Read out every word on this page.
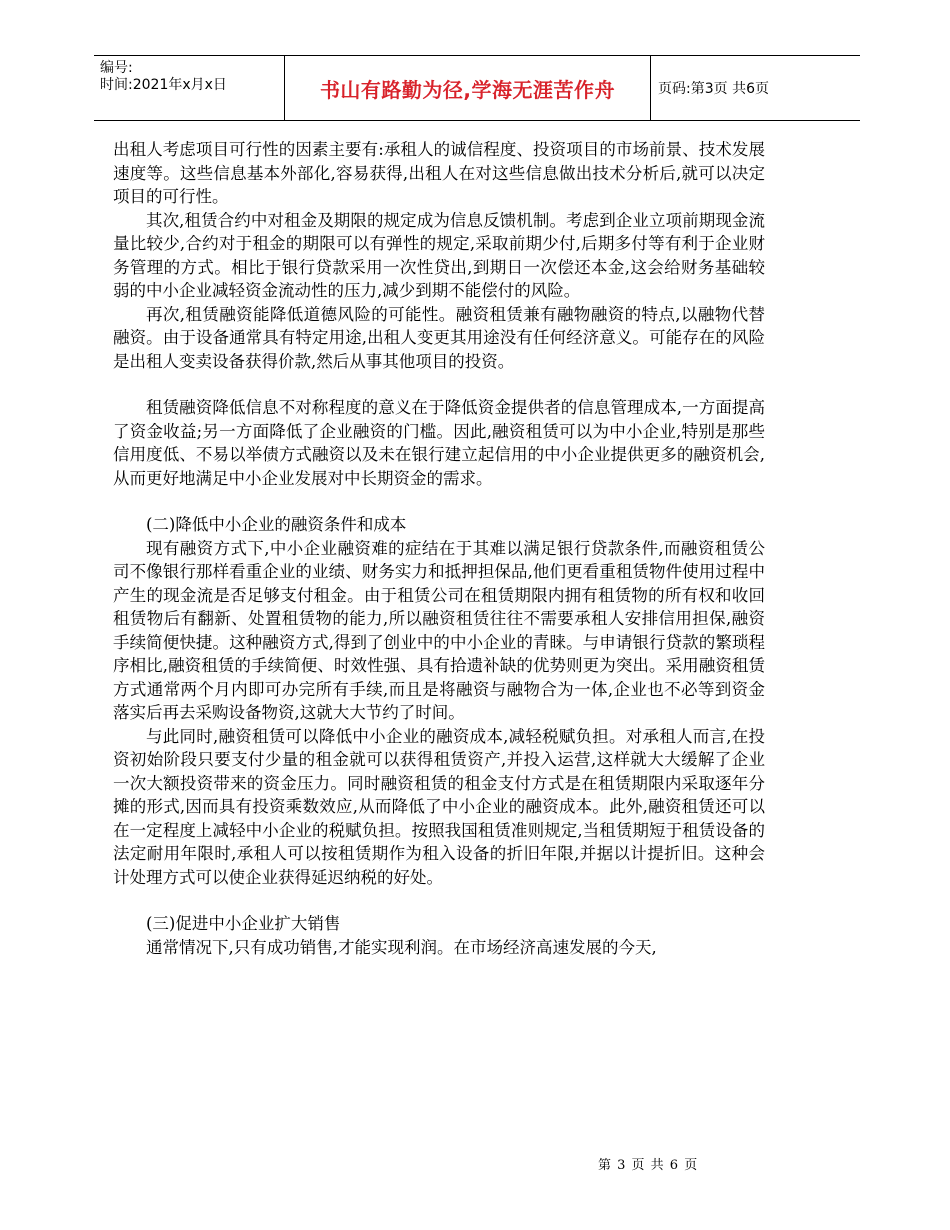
编号:
时间:2021年x月x日	书山有路勤为径,学海无涯苦作舟	页码:第3页 共6页

出租人考虑项目可行性的因素主要有:承租人的诚信程度、投资项目的市场前景、技术发展速度等。这些信息基本外部化,容易获得,出租人在对这些信息做出技术分析后,就可以决定项目的可行性。

其次,租赁合约中对租金及期限的规定成为信息反馈机制。考虑到企业立项前期现金流量比较少,合约对于租金的期限可以有弹性的规定,采取前期少付,后期多付等有利于企业财务管理的方式。相比于银行贷款采用一次性贷出,到期日一次偿还本金,这会给财务基础较弱的中小企业减轻资金流动性的压力,减少到期不能偿付的风险。

再次,租赁融资能降低道德风险的可能性。融资租赁兼有融物融资的特点,以融物代替融资。由于设备通常具有特定用途,出租人变更其用途没有任何经济意义。可能存在的风险是出租人变卖设备获得价款,然后从事其他项目的投资。

租赁融资降低信息不对称程度的意义在于降低资金提供者的信息管理成本,一方面提高了资金收益;另一方面降低了企业融资的门槛。因此,融资租赁可以为中小企业,特别是那些信用度低、不易以举债方式融资以及未在银行建立起信用的中小企业提供更多的融资机会,从而更好地满足中小企业发展对中长期资金的需求。

(二)降低中小企业的融资条件和成本

现有融资方式下,中小企业融资难的症结在于其难以满足银行贷款条件,而融资租赁公司不像银行那样看重企业的业绩、财务实力和抵押担保品,他们更看重租赁物件使用过程中产生的现金流是否足够支付租金。由于租赁公司在租赁期限内拥有租赁物的所有权和收回租赁物后有翻新、处置租赁物的能力,所以融资租赁往往不需要承租人安排信用担保,融资手续简便快捷。这种融资方式,得到了创业中的中小企业的青睐。与申请银行贷款的繁琐程序相比,融资租赁的手续简便、时效性强、具有拾遗补缺的优势则更为突出。采用融资租赁方式通常两个月内即可办完所有手续,而且是将融资与融物合为一体,企业也不必等到资金落实后再去采购设备物资,这就大大节约了时间。

与此同时,融资租赁可以降低中小企业的融资成本,减轻税赋负担。对承租人而言,在投资初始阶段只要支付少量的租金就可以获得租赁资产,并投入运营,这样就大大缓解了企业一次大额投资带来的资金压力。同时融资租赁的租金支付方式是在租赁期限内采取逐年分摊的形式,因而具有投资乘数效应,从而降低了中小企业的融资成本。此外,融资租赁还可以在一定程度上减轻中小企业的税赋负担。按照我国租赁准则规定,当租赁期短于租赁设备的法定耐用年限时,承租人可以按租赁期作为租入设备的折旧年限,并据以计提折旧。这种会计处理方式可以使企业获得延迟纳税的好处。

(三)促进中小企业扩大销售

通常情况下,只有成功销售,才能实现利润。在市场经济高速发展的今天,

第 3 页 共 6 页
